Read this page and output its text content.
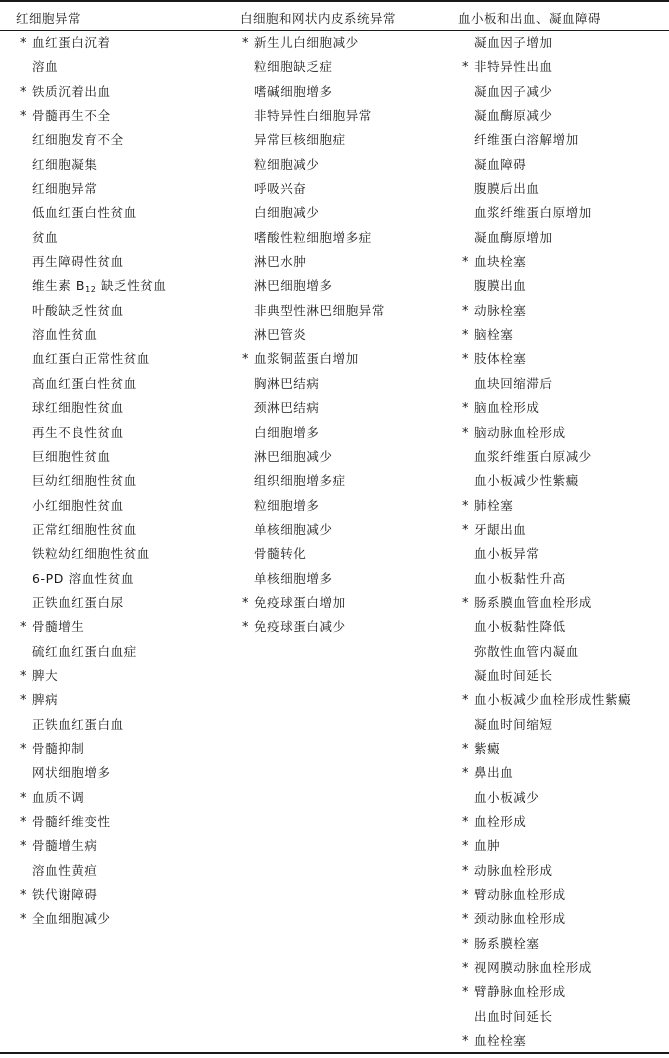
红细胞异常	白细胞和网状内皮系统异常	血小板和出血、凝血障碍
* 血红蛋白沉着
溶血
* 铁质沉着出血
* 骨髓再生不全
红细胞发育不全
红细胞凝集
红细胞异常
低血红蛋白性贫血
贫血
再生障碍性贫血
维生素 $B_{12}$ 缺乏性贫血
叶酸缺乏性贫血
溶血性贫血
血红蛋白正常性贫血
高血红蛋白性贫血
球红细胞性贫血
再生不良性贫血
巨细胞性贫血
巨幼红细胞性贫血
小红细胞性贫血
正常红细胞性贫血
铁粒幼红细胞性贫血
6-PD 溶血性贫血
正铁血红蛋白尿
* 骨髓增生
硫红血红蛋白血症
* 脾大
* 脾病
正铁血红蛋白血
* 骨髓抑制
网状细胞增多
* 血质不调
* 骨髓纤维变性
* 骨髓增生病
溶血性黄疸
* 铁代谢障碍
* 全血细胞减少
* 新生儿白细胞减少
粒细胞缺乏症
嗜碱细胞增多
非特异性白细胞异常
异常巨核细胞症
粒细胞减少
呼吸兴奋
白细胞减少
嗜酸性粒细胞增多症
淋巴水肿
淋巴细胞增多
非典型性淋巴细胞异常
淋巴管炎
* 血浆铜蓝蛋白增加
胸淋巴结病
颈淋巴结病
白细胞增多
淋巴细胞减少
组织细胞增多症
粒细胞增多
单核细胞减少
骨髓转化
单核细胞增多
* 免疫球蛋白增加
* 免疫球蛋白减少
凝血因子增加
* 非特异性出血
凝血因子减少
凝血酶原减少
纤维蛋白溶解增加
凝血障碍
腹膜后出血
血浆纤维蛋白原增加
凝血酶原增加
* 血块栓塞
腹膜出血
* 动脉栓塞
* 脑栓塞
* 肢体栓塞
血块回缩滞后
* 脑血栓形成
* 脑动脉血栓形成
血浆纤维蛋白原减少
血小板减少性紫癜
* 肺栓塞
* 牙龈出血
血小板异常
血小板黏性升高
* 肠系膜血管血栓形成
血小板黏性降低
弥散性血管内凝血
凝血时间延长
* 血小板减少血栓形成性紫癜
凝血时间缩短
* 紫癜
* 鼻出血
血小板减少
* 血栓形成
* 血肿
* 动脉血栓形成
* 臂动脉血栓形成
* 颈动脉血栓形成
* 肠系膜栓塞
* 视网膜动脉血栓形成
* 臂静脉血栓形成
出血时间延长
* 血栓栓塞
